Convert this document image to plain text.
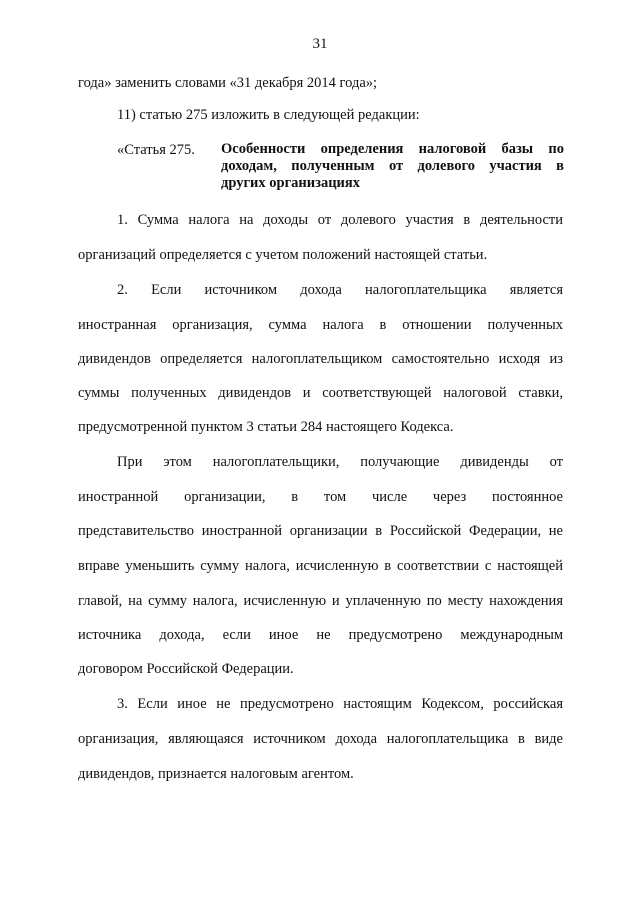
31
года» заменить словами «31 декабря 2014 года»;
11) статью 275 изложить в следующей редакции:
«Статья 275. Особенности определения налоговой базы по
доходам, полученным от долевого участия в
других организациях
1. Сумма налога на доходы от долевого участия в деятельности
организаций определяется с учетом положений настоящей статьи.
2. Если источником дохода налогоплательщика является
иностранная организация, сумма налога в отношении полученных
дивидендов определяется налогоплательщиком самостоятельно исходя из
суммы полученных дивидендов и соответствующей налоговой ставки,
предусмотренной пунктом 3 статьи 284 настоящего Кодекса.
При этом налогоплательщики, получающие дивиденды от
иностранной организации, в том числе через постоянное
представительство иностранной организации в Российской Федерации, не
вправе уменьшить сумму налога, исчисленную в соответствии с настоящей
главой, на сумму налога, исчисленную и уплаченную по месту нахождения
источника дохода, если иное не предусмотрено международным
договором Российской Федерации.
3. Если иное не предусмотрено настоящим Кодексом, российская
организация, являющаяся источником дохода налогоплательщика в виде
дивидендов, признается налоговым агентом.
